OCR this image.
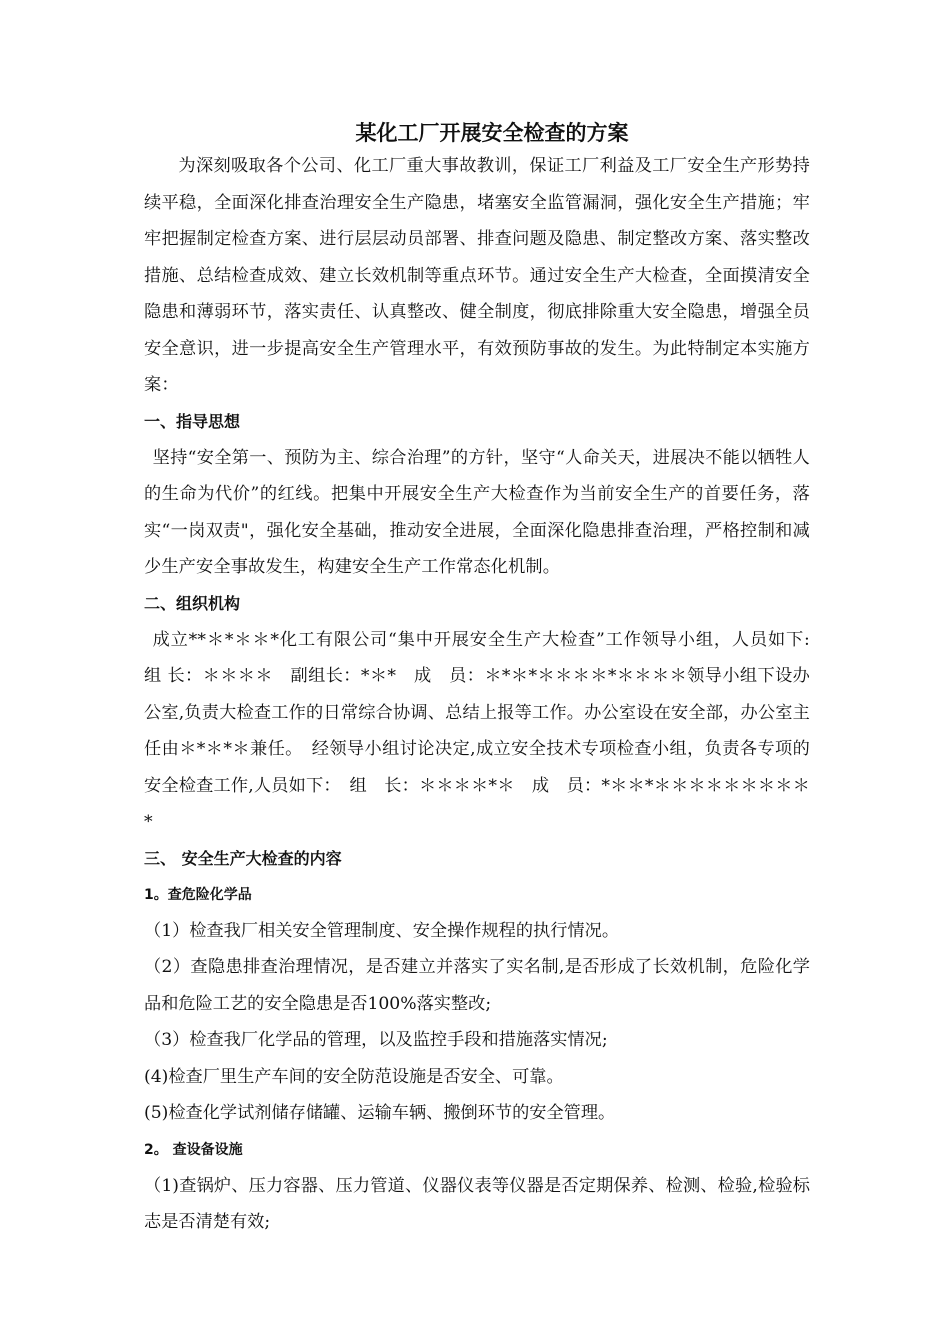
某化工厂开展安全检查的方案

为深刻吸取各个公司、化工厂重大事故教训，保证工厂利益及工厂安全生产形势持续平稳，全面深化排查治理安全生产隐患，堵塞安全监管漏洞，强化安全生产措施；牢牢把握制定检查方案、进行层层动员部署、排查问题及隐患、制定整改方案、落实整改措施、总结检查成效、建立长效机制等重点环节。通过安全生产大检查，全面摸清安全隐患和薄弱环节，落实责任、认真整改、健全制度，彻底排除重大安全隐患，增强全员安全意识，进一步提高安全生产管理水平，有效预防事故的发生。为此特制定本实施方案：

一、指导思想

坚持“安全第一、预防为主、综合治理”的方针，坚守“人命关天，进展决不能以牺牲人的生命为代价”的红线。把集中开展安全生产大检查作为当前安全生产的首要任务，落实“一岗双责"，强化安全基础，推动安全进展，全面深化隐患排查治理，严格控制和减少生产安全事故发生，构建安全生产工作常态化机制。

二、组织机构

成立**＊*＊＊*化工有限公司“集中开展安全生产大检查”工作领导小组，人员如下:　组 长：＊＊＊＊　副组长：*＊*　成　员：＊*＊*＊＊＊＊*＊＊＊＊领导小组下设办公室,负责大检查工作的日常综合协调、总结上报等工作。办公室设在安全部，办公室主任由＊*＊*＊兼任。　经领导小组讨论决定,成立安全技术专项检查小组，负责各专项的安全检查工作,人员如下：　组　长：＊＊＊＊*＊　成　员：*＊＊*＊＊＊＊＊＊＊＊＊*

三、 安全生产大检查的内容
1。查危险化学品

（1）检查我厂相关安全管理制度、安全操作规程的执行情况。

（2）查隐患排查治理情况，是否建立并落实了实名制,是否形成了长效机制，危险化学品和危险工艺的安全隐患是否100%落实整改;

（3）检查我厂化学品的管理，以及监控手段和措施落实情况;

(4)检查厂里生产车间的安全防范设施是否安全、可靠。

(5)检查化学试剂储存储罐、运输车辆、搬倒环节的安全管理。

2。 查设备设施

（1)查锅炉、压力容器、压力管道、仪器仪表等仪器是否定期保养、检测、检验,检验标志是否清楚有效;
